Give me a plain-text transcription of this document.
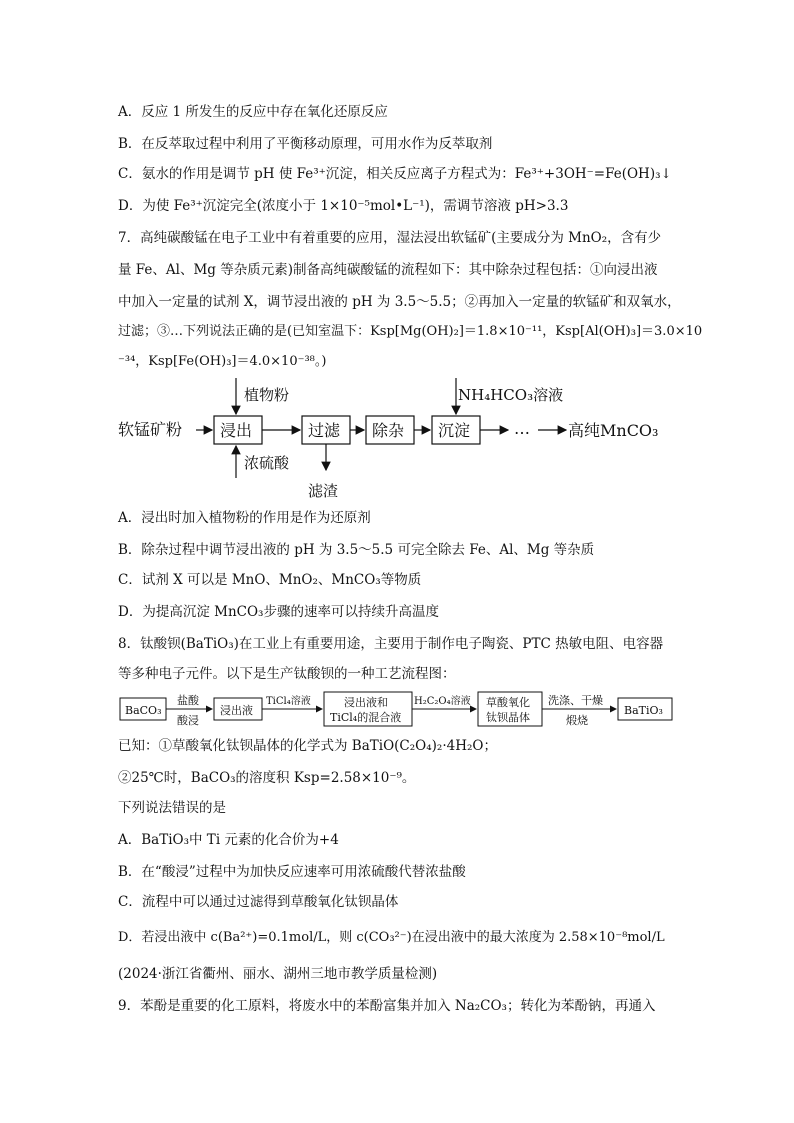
A．反应 1 所发生的反应中存在氧化还原反应
B．在反萃取过程中利用了平衡移动原理，可用水作为反萃取剂
C．氨水的作用是调节 pH 使 Fe³⁺沉淀，相关反应离子方程式为：Fe³⁺+3OH⁻=Fe(OH)₃↓
D．为使 Fe³⁺沉淀完全(浓度小于 1×10⁻⁵mol•L⁻¹)，需调节溶液 pH>3.3
7．高纯碳酸锰在电子工业中有着重要的应用，湿法浸出软锰矿(主要成分为 MnO₂，含有少
量 Fe、Al、Mg 等杂质元素)制备高纯碳酸锰的流程如下：其中除杂过程包括：①向浸出液
中加入一定量的试剂 X，调节浸出液的 pH 为 3.5～5.5；②再加入一定量的软锰矿和双氧水，
过滤；③…下列说法正确的是(已知室温下：Ksp[Mg(OH)₂]＝1.8×10⁻¹¹，Ksp[Al(OH)₃]＝3.0×10
⁻³⁴，Ksp[Fe(OH)₃]＝4.0×10⁻³⁸。)
软锰矿粉 浸出
植物粉
浓硫酸
过滤
滤渣
除杂 沉淀
NH₄HCO₃溶液
… 高纯MnCO₃
A．浸出时加入植物粉的作用是作为还原剂
B．除杂过程中调节浸出液的 pH 为 3.5～5.5 可完全除去 Fe、Al、Mg 等杂质
C．试剂 X 可以是 MnO、MnO₂、MnCO₃等物质
D．为提高沉淀 MnCO₃步骤的速率可以持续升高温度
8．钛酸钡(BaTiO₃)在工业上有重要用途，主要用于制作电子陶瓷、PTC 热敏电阻、电容器
等多种电子元件。以下是生产钛酸钡的一种工艺流程图：
BaCO₃
盐酸
酸浸
浸出液
TiCl₄溶液	浸出液和
TiCl₄的混合液
H₂C₂O₄溶液 草酸氧化
钛钡晶体
洗涤、干燥
煅烧
BaTiO₃
已知：①草酸氧化钛钡晶体的化学式为 BaTiO(C₂O₄)₂·4H₂O；
②25℃时，BaCO₃的溶度积 Ksp=2.58×10⁻⁹。
下列说法错误的是
A．BaTiO₃中 Ti 元素的化合价为+4
B．在“酸浸”过程中为加快反应速率可用浓硫酸代替浓盐酸
C．流程中可以通过过滤得到草酸氧化钛钡晶体
D．若浸出液中 c(Ba²⁺)=0.1mol/L，则 c(CO₃²⁻)在浸出液中的最大浓度为 2.58×10⁻⁸mol/L
(2024·浙江省衢州、丽水、湖州三地市教学质量检测)
9．苯酚是重要的化工原料，将废水中的苯酚富集并加入 Na₂CO₃；转化为苯酚钠，再通入
